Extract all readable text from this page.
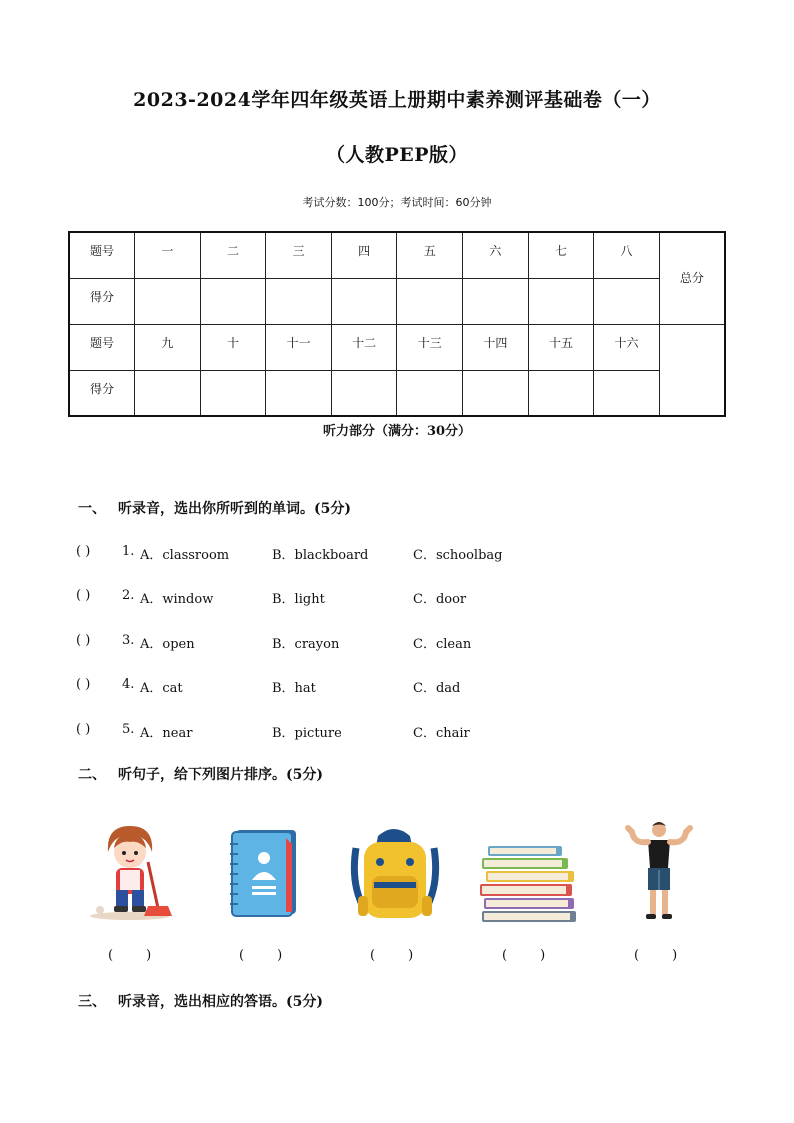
2023-2024学年四年级英语上册期中素养测评基础卷（一）
（人教PEP版）
考试分数：100分；考试时间：60分钟
题号	一	二	三	四	五	六	七	八	总分
得分									
题号	九	十	十一	十二	十三	十四	十五	十六	
得分									
听力部分（满分：30分）
一、 听录音，选出你所听到的单词。(5分)
( ) 1. A．classroom	B．blackboard	C．schoolbag
( ) 2. A．window	B．light	C．door
( ) 3. A．open	B．crayon	C．clean
( ) 4. A．cat	B．hat	C．dad
( ) 5. A．near	B．picture	C．chair
二、 听句子，给下列图片排序。(5分)
(        )	(        )	(        )	(        )	(        )
三、 听录音，选出相应的答语。(5分)
